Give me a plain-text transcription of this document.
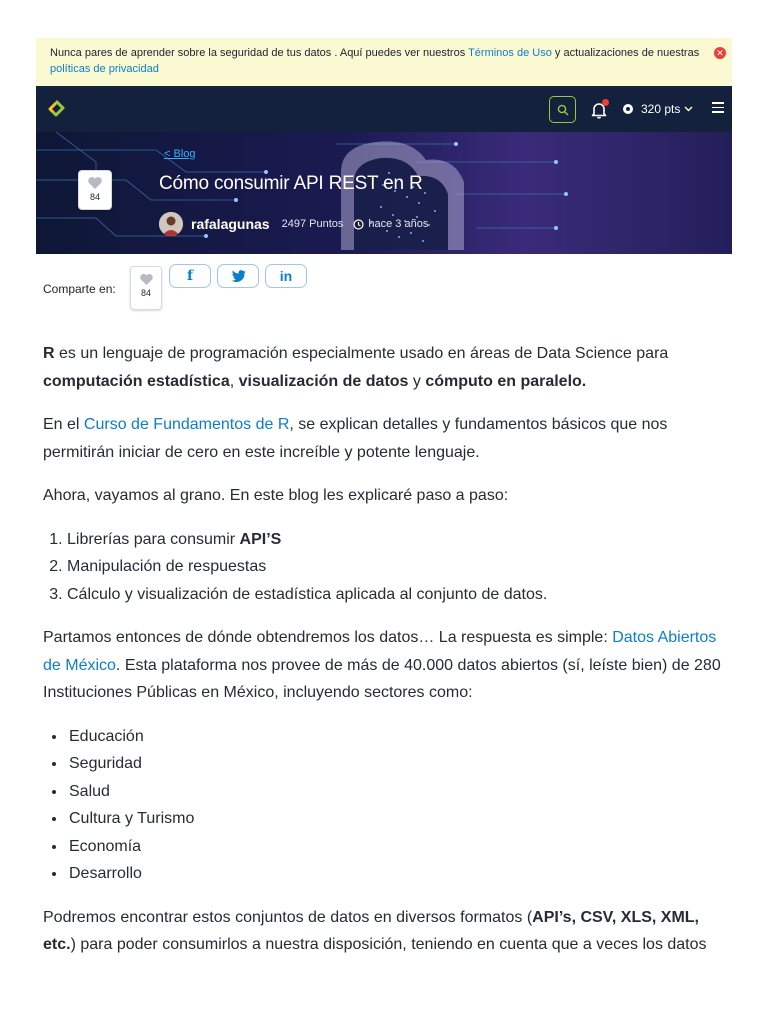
Nunca pares de aprender sobre la seguridad de tus datos . Aquí puedes ver nuestros Términos de Uso y actualizaciones de nuestras políticas de privacidad
✕
320 pts
84
< Blog
Cómo consumir API REST en R
rafalagunas 2497 Puntos hace 3 años
Comparte en:	84
f	in

R es un lenguaje de programación especialmente usado en áreas de Data Science para computación estadística, visualización de datos y cómputo en paralelo.

En el Curso de Fundamentos de R, se explican detalles y fundamentos básicos que nos permitirán iniciar de cero en este increíble y potente lenguaje.

Ahora, vayamos al grano. En este blog les explicaré paso a paso:

1. Librerías para consumir API’S
2. Manipulación de respuestas
3. Cálculo y visualización de estadística aplicada al conjunto de datos.

Partamos entonces de dónde obtendremos los datos… La respuesta es simple: Datos Abiertos de México. Esta plataforma nos provee de más de 40.000 datos abiertos (sí, leíste bien) de 280 Instituciones Públicas en México, incluyendo sectores como:

• Educación
• Seguridad
• Salud
• Cultura y Turismo
• Economía
• Desarrollo

Podremos encontrar estos conjuntos de datos en diversos formatos (API’s, CSV, XLS, XML, etc.) para poder consumirlos a nuestra disposición, teniendo en cuenta que a veces los datos
